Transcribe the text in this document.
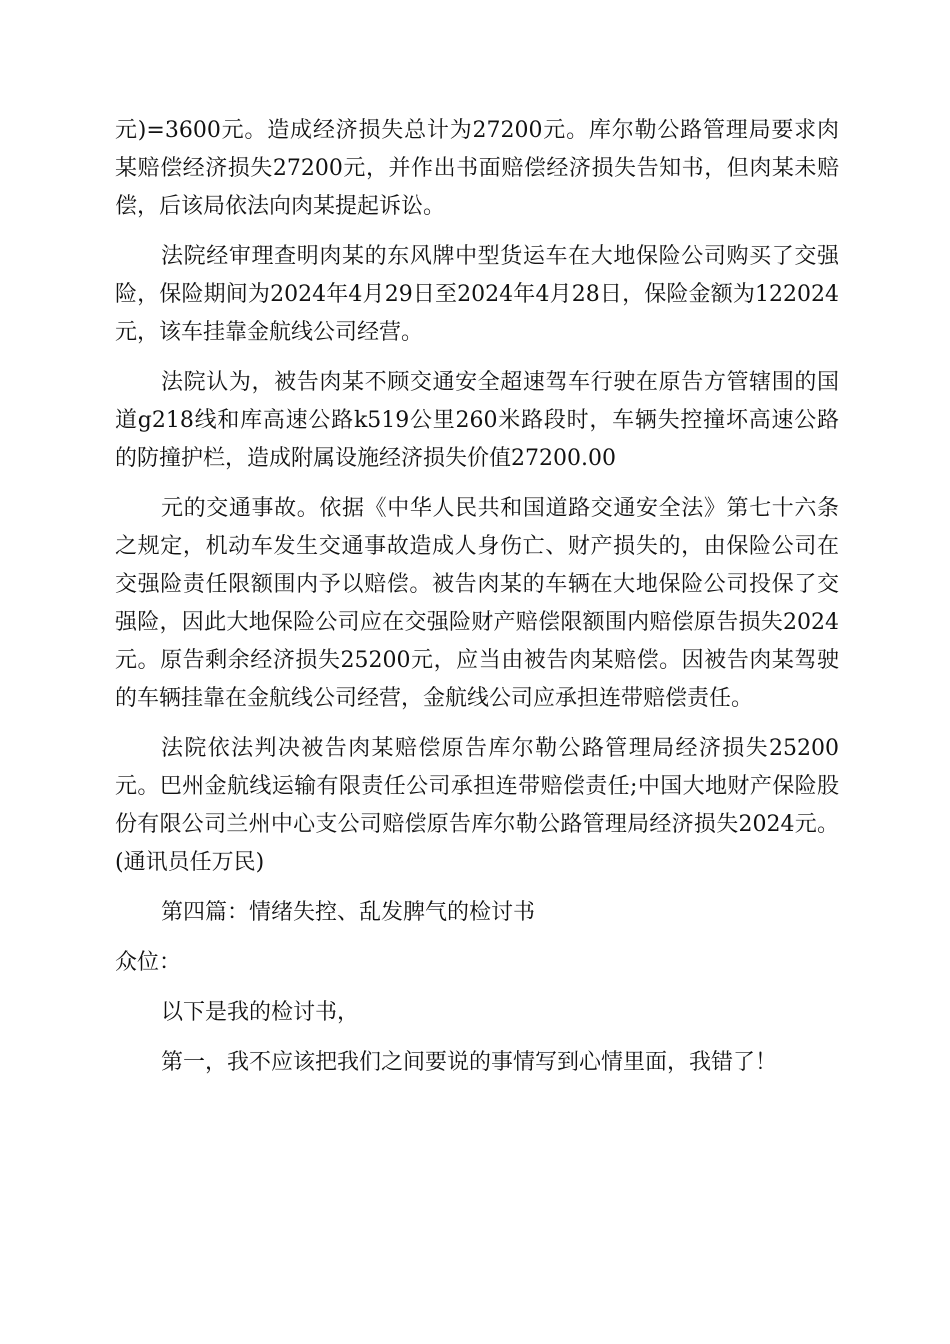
元)=3600元。造成经济损失总计为27200元。库尔勒公路管理局要求肉某赔偿经济损失27200元，并作出书面赔偿经济损失告知书，但肉某未赔偿，后该局依法向肉某提起诉讼。

法院经审理查明肉某的东风牌中型货运车在大地保险公司购买了交强险，保险期间为2024年4月29日至2024年4月28日，保险金额为122024元，该车挂靠金航线公司经营。

法院认为，被告肉某不顾交通安全超速驾车行驶在原告方管辖围的国道g218线和库高速公路k519公里260米路段时，车辆失控撞坏高速公路的防撞护栏，造成附属设施经济损失价值27200.00

元的交通事故。依据《中华人民共和国道路交通安全法》第七十六条之规定，机动车发生交通事故造成人身伤亡、财产损失的，由保险公司在交强险责任限额围内予以赔偿。被告肉某的车辆在大地保险公司投保了交强险，因此大地保险公司应在交强险财产赔偿限额围内赔偿原告损失2024元。原告剩余经济损失25200元，应当由被告肉某赔偿。因被告肉某驾驶的车辆挂靠在金航线公司经营，金航线公司应承担连带赔偿责任。

法院依法判决被告肉某赔偿原告库尔勒公路管理局经济损失25200元。巴州金航线运输有限责任公司承担连带赔偿责任;中国大地财产保险股份有限公司兰州中心支公司赔偿原告库尔勒公路管理局经济损失2024元。(通讯员任万民)

第四篇：情绪失控、乱发脾气的检讨书

众位：

以下是我的检讨书，

第一，我不应该把我们之间要说的事情写到心情里面，我错了！
